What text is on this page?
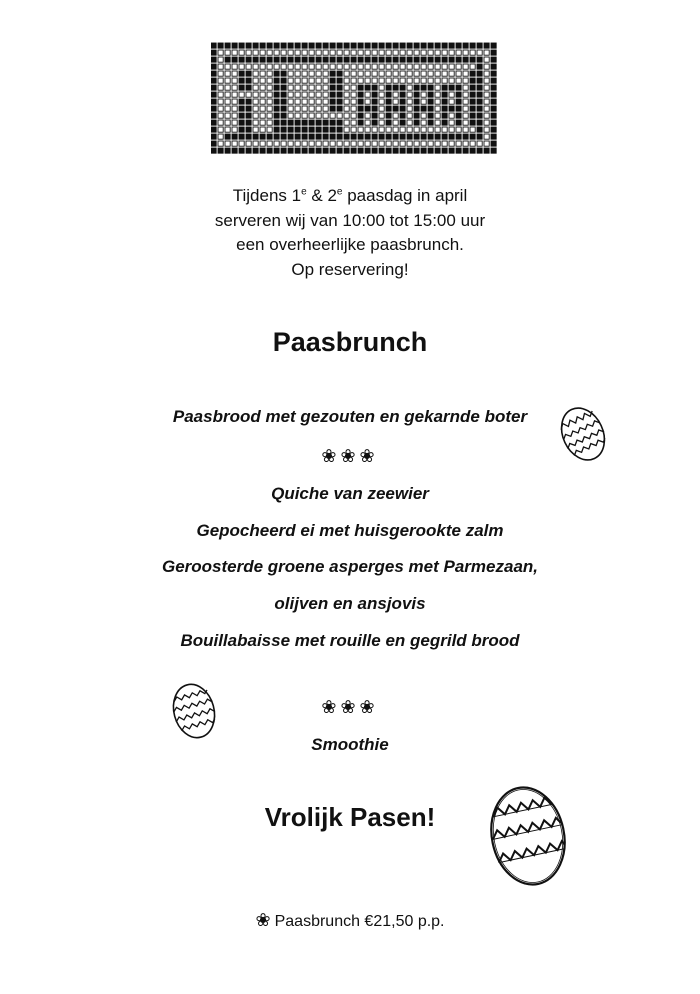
Tijdens 1e & 2e paasdag in april

serveren wij van 10:00 tot 15:00 uur

een overheerlijke paasbrunch.

Op reservering!

Paasbrunch

Paasbrood met gezouten en gekarnde boter

❀❀❀

Quiche van zeewier

Gepocheerd ei met huisgerookte zalm

Geroosterde groene asperges met Parmezaan,

olijven en ansjovis

Bouillabaisse met rouille en gegrild brood

❀❀❀

Smoothie

Vrolijk Pasen!
❀ Paasbrunch €21,50 p.p.
